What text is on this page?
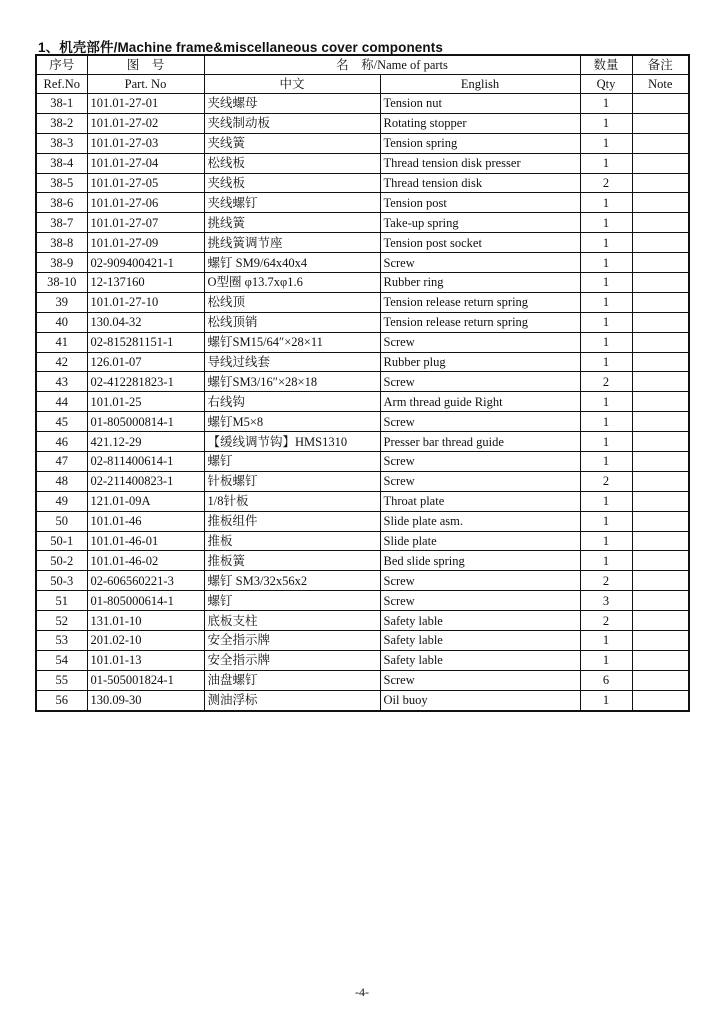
1、机壳部件/Machine frame&miscellaneous cover components
序号	图　号	名　称/Name of parts		数量	备注
Ref.No	Part. No	中文	English	Qty	Note
38-1	101.01-27-01	夹线螺母	Tension nut	1	
38-2	101.01-27-02	夹线制动板	Rotating stopper	1	
38-3	101.01-27-03	夹线簧	Tension spring	1	
38-4	101.01-27-04	松线板	Thread tension disk presser	1	
38-5	101.01-27-05	夹线板	Thread tension disk	2	
38-6	101.01-27-06	夹线螺钉	Tension post	1	
38-7	101.01-27-07	挑线簧	Take-up spring	1	
38-8	101.01-27-09	挑线簧调节座	Tension post socket	1	
38-9	02-909400421-1	螺钉 SM9/64x40x4	Screw	1	
38-10	12-137160	O型圈 φ13.7xφ1.6	Rubber ring	1	
39	101.01-27-10	松线顶	Tension release return spring	1	
40	130.04-32	松线顶销	Tension release return spring	1	
41	02-815281151-1	螺钉SM15/64″×28×11	Screw	1	
42	126.01-07	导线过线套	Rubber plug	1	
43	02-412281823-1	螺钉SM3/16″×28×18	Screw	2	
44	101.01-25	右线钩	Arm thread guide Right	1	
45	01-805000814-1	螺钉M5×8	Screw	1	
46	421.12-29	【缓线调节钩】HMS1310	Presser bar thread guide	1	
47	02-811400614-1	螺钉	Screw	1	
48	02-211400823-1	针板螺钉	Screw	2	
49	121.01-09A	1/8针板	Throat plate	1	
50	101.01-46	推板组件	Slide plate asm.	1	
50-1	101.01-46-01	推板	Slide plate	1	
50-2	101.01-46-02	推板簧	Bed slide spring	1	
50-3	02-606560221-3	螺钉 SM3/32x56x2	Screw	2	
51	01-805000614-1	螺钉	Screw	3	
52	131.01-10	底板支柱	Safety lable	2	
53	201.02-10	安全指示牌	Safety lable	1	
54	101.01-13	安全指示牌	Safety lable	1	
55	01-505001824-1	油盘螺钉	Screw	6	
56	130.09-30	测油浮标	Oil buoy	1	
-4-
